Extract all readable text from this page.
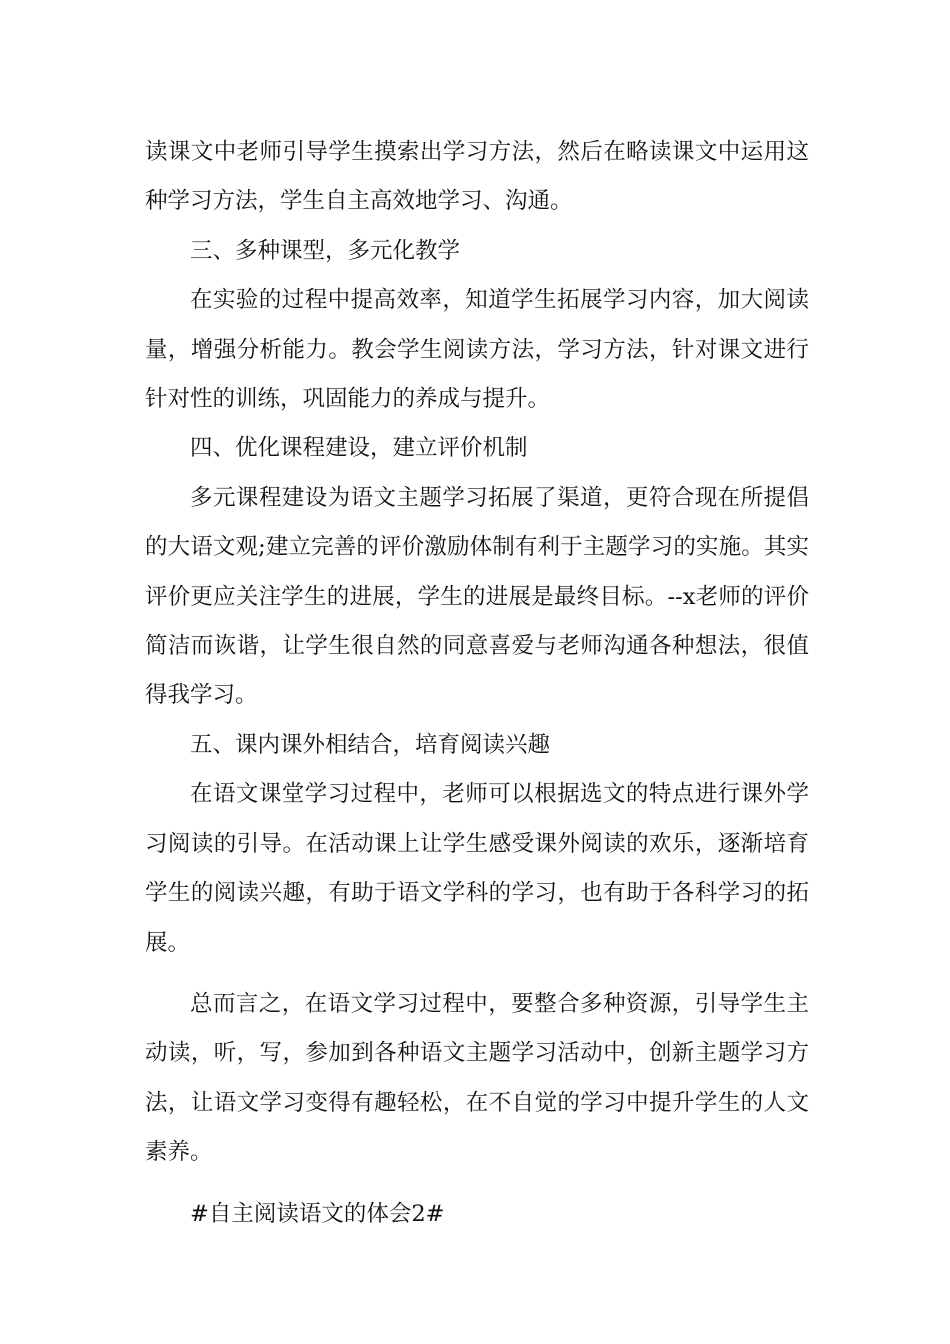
读课文中老师引导学生摸索出学习方法，然后在略读课文中运用这种学习方法，学生自主高效地学习、沟通。

三、多种课型，多元化教学

在实验的过程中提高效率，知道学生拓展学习内容，加大阅读量，增强分析能力。教会学生阅读方法，学习方法，针对课文进行针对性的训练，巩固能力的养成与提升。

四、优化课程建设，建立评价机制

多元课程建设为语文主题学习拓展了渠道，更符合现在所提倡的大语文观;建立完善的评价激励体制有利于主题学习的实施。其实评价更应关注学生的进展，学生的进展是最终目标。--x老师的评价简洁而诙谐，让学生很自然的同意喜爱与老师沟通各种想法，很值得我学习。

五、课内课外相结合，培育阅读兴趣

在语文课堂学习过程中，老师可以根据选文的特点进行课外学习阅读的引导。在活动课上让学生感受课外阅读的欢乐，逐渐培育学生的阅读兴趣，有助于语文学科的学习，也有助于各科学习的拓展。

总而言之，在语文学习过程中，要整合多种资源，引导学生主动读，听，写，参加到各种语文主题学习活动中，创新主题学习方法，让语文学习变得有趣轻松，在不自觉的学习中提升学生的人文素养。

#自主阅读语文的体会2#
